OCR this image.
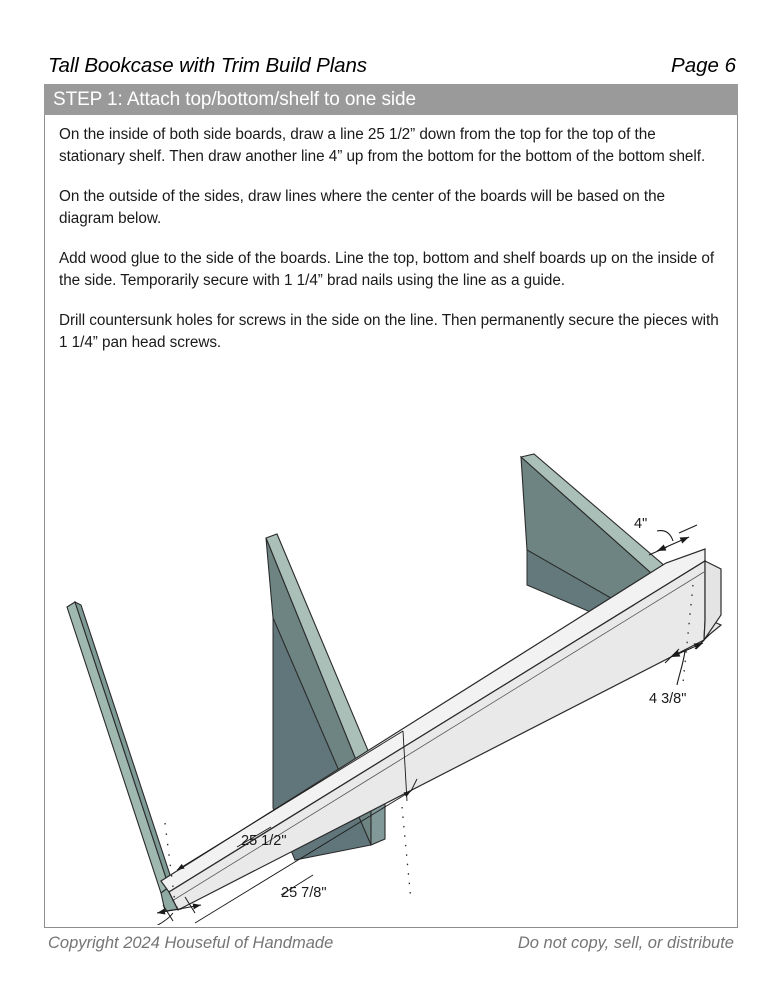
Tall Bookcase with Trim Build Plans	Page 6
STEP 1: Attach top/bottom/shelf to one side

On the inside of both side boards, draw a line 25 1/2” down from the top for the top of the stationary shelf. Then draw another line 4” up from the bottom for the bottom of the bottom shelf.

On the outside of the sides, draw lines where the center of the boards will be based on the diagram below.

Add wood glue to the side of the boards. Line the top, bottom and shelf boards up on the inside of the side. Temporarily secure with 1 1/4” brad nails using the line as a guide.

Drill countersunk holes for screws in the side on the line. Then permanently secure the pieces with 1 1/4” pan head screws.

4"
4 3/8"
25 1/2"
25 7/8"
Copyright 2024 Houseful of Handmade	Do not copy, sell, or distribute
